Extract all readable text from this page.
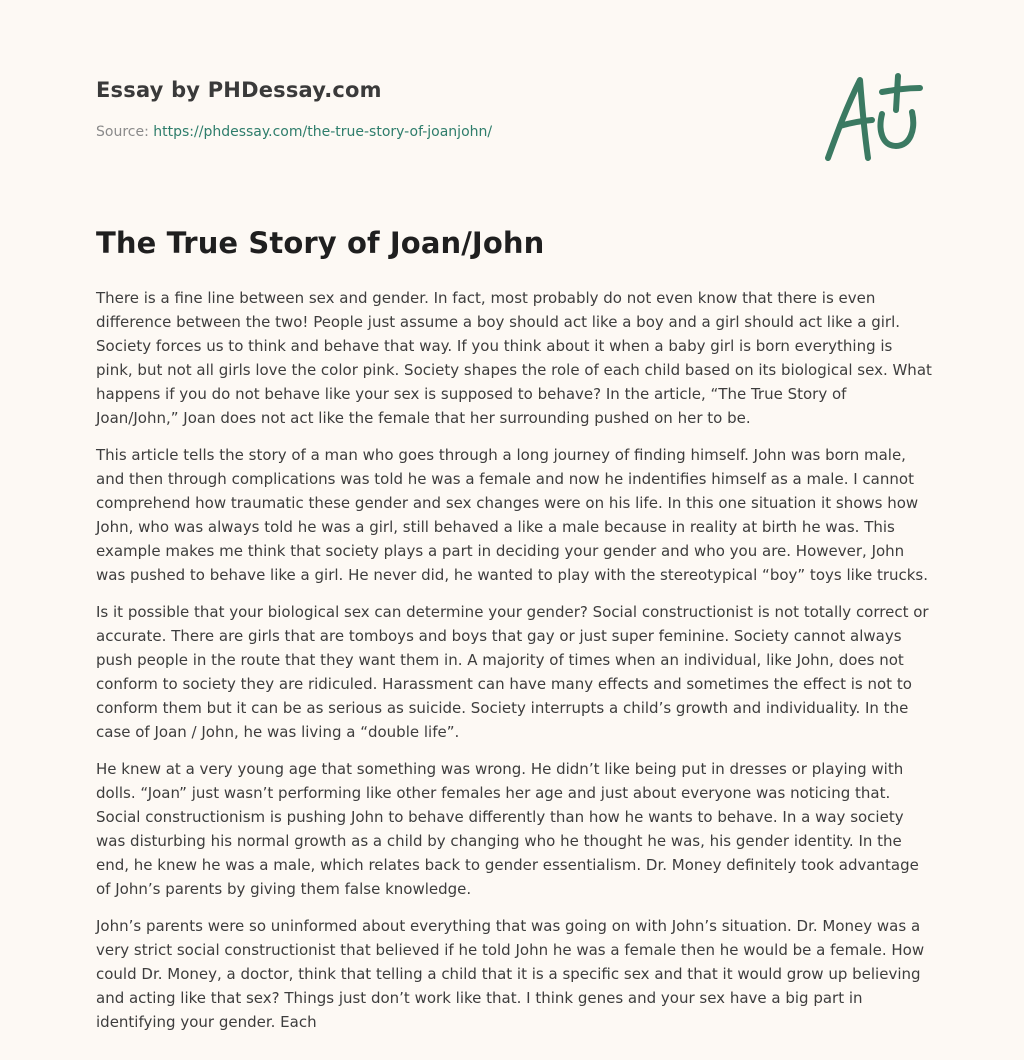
Essay by PHDessay.com
Source: https://phdessay.com/the-true-story-of-joanjohn/
The True Story of Joan/John

There is a fine line between sex and gender. In fact, most probably do not even know that there is even difference between the two! People just assume a boy should act like a boy and a girl should act like a girl. Society forces us to think and behave that way. If you think about it when a baby girl is born everything is pink, but not all girls love the color pink. Society shapes the role of each child based on its biological sex. What happens if you do not behave like your sex is supposed to behave? In the article, “The True Story of Joan/John,” Joan does not act like the female that her surrounding pushed on her to be.

This article tells the story of a man who goes through a long journey of finding himself. John was born male, and then through complications was told he was a female and now he indentifies himself as a male. I cannot comprehend how traumatic these gender and sex changes were on his life. In this one situation it shows how John, who was always told he was a girl, still behaved a like a male because in reality at birth he was. This example makes me think that society plays a part in deciding your gender and who you are. However, John was pushed to behave like a girl. He never did, he wanted to play with the stereotypical “boy” toys like trucks.

Is it possible that your biological sex can determine your gender? Social constructionist is not totally correct or accurate. There are girls that are tomboys and boys that gay or just super feminine. Society cannot always push people in the route that they want them in. A majority of times when an individual, like John, does not conform to society they are ridiculed. Harassment can have many effects and sometimes the effect is not to conform them but it can be as serious as suicide. Society interrupts a child’s growth and individuality. In the case of Joan / John, he was living a “double life”.

He knew at a very young age that something was wrong. He didn’t like being put in dresses or playing with dolls. “Joan” just wasn’t performing like other females her age and just about everyone was noticing that. Social constructionism is pushing John to behave differently than how he wants to behave. In a way society was disturbing his normal growth as a child by changing who he thought he was, his gender identity. In the end, he knew he was a male, which relates back to gender essentialism. Dr. Money definitely took advantage of John’s parents by giving them false knowledge.

John’s parents were so uninformed about everything that was going on with John’s situation. Dr. Money was a very strict social constructionist that believed if he told John he was a female then he would be a female. How could Dr. Money, a doctor, think that telling a child that it is a specific sex and that it would grow up believing and acting like that sex? Things just don’t work like that. I think genes and your sex have a big part in identifying your gender. Each
